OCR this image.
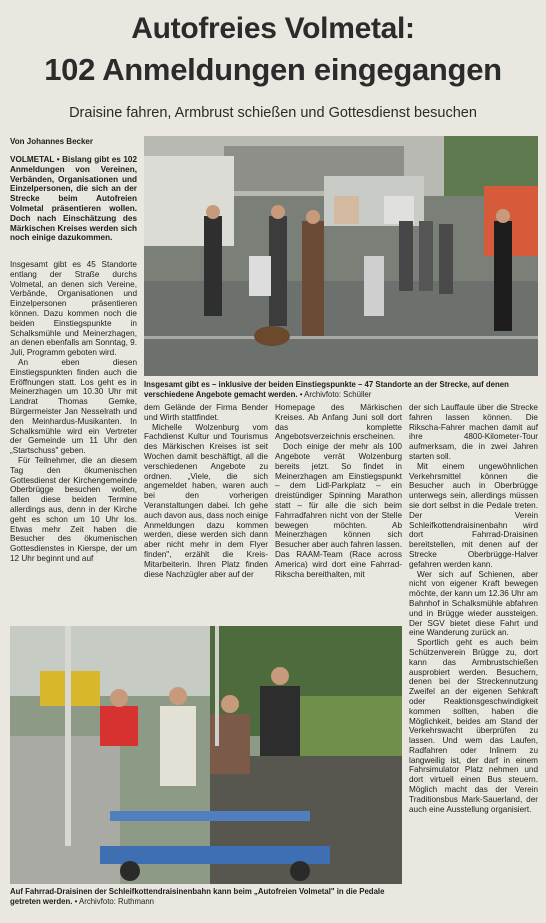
Autofreies Volmetal:
102 Anmeldungen eingegangen
Draisine fahren, Armbrust schießen und Gottesdienst besuchen
Von Johannes Becker

VOLMETAL • Bislang gibt es 102 Anmeldungen von Vereinen, Verbänden, Organisationen und Einzelpersonen, die sich an der Strecke beim Autofreien Volmetal präsentieren wollen. Doch nach Einschätzung des Märkischen Kreises werden sich noch einige dazukommen.

Insgesamt gibt es 45 Standorte entlang der Straße durchs Volmetal, an denen sich Vereine, Verbände, Organisationen und Einzelpersonen präsentieren können. Dazu kommen noch die beiden Einstiegspunkte in Schalksmühle und Meinerzhagen, an denen ebenfalls am Sonntag, 9. Juli, Programm geboten wird.

An eben diesen Einstiegspunkten finden auch die Eröffnungen statt. Los geht es in Meinerzhagen um 10.30 Uhr mit Landrat Thomas Gemke, Bürgermeister Jan Nesselrath und den Meinhardus-Musikanten. In Schalksmühle wird ein Vertreter der Gemeinde um 11 Uhr den „Startschuss" geben.

Für Teilnehmer, die an diesem Tag den ökumenischen Gottesdienst der Kirchengemeinde Oberbrügge besuchen wollen, fallen diese beiden Termine allerdings aus, denn in der Kirche geht es schon um 10 Uhr los. Etwas mehr Zeit haben die Besucher des ökumenischen Gottesdienstes in Kierspe, der um 12 Uhr beginnt und auf

Insgesamt gibt es – inklusive der beiden Einstiegspunkte – 47 Standorte an der Strecke, auf denen verschiedene Angebote gemacht werden. • Archivfoto: Schüller

dem Gelände der Firma Bender und Wirth stattfindet.

Michelle Wolzenburg vom Fachdienst Kultur und Tourismus des Märkischen Kreises ist seit Wochen damit beschäftigt, all die verschiedenen Angebote zu ordnen. „Viele, die sich angemeldet haben, waren auch bei den vorherigen Veranstaltungen dabei. Ich gehe auch davon aus, dass noch einige Anmeldungen dazu kommen werden, diese werden sich dann aber nicht mehr in dem Flyer finden", erzählt die Kreis-Mitarbeiterin. Ihren Platz finden diese Nachzügler aber auf der

Homepage des Märkischen Kreises. Ab Anfang Juni soll dort das komplette Angebotsverzeichnis erscheinen.

Doch einige der mehr als 100 Angebote verrät Wolzenburg bereits jetzt. So findet in Meinerzhagen am Einstiegspunkt – dem Lidl-Parkplatz – ein dreistündiger Spinning Marathon statt – für alle die sich beim Fahrradfahren nicht von der Stelle bewegen möchten. Ab Meinerzhagen können sich Besucher aber auch fahren lassen. Das RAAM-Team (Race across America) wird dort eine Fahrrad-Rikscha bereithalten, mit

der sich Lauffaule über die Strecke fahren lassen können. Die Rikscha-Fahrer machen damit auf ihre 4800-Kilometer-Tour aufmerksam, die in zwei Jahren starten soll.

Mit einem ungewöhnlichen Verkehrsmittel können die Besucher auch in Oberbrügge unterwegs sein, allerdings müssen sie dort selbst in die Pedale treten. Der Verein Schleifkottendraisinenbahn wird dort Fahrrad-Draisinen bereitstellen, mit denen auf der Strecke Oberbrügge-Halver gefahren werden kann.

Wer sich auf Schienen, aber nicht von eigener Kraft bewegen möchte, der kann um 12.36 Uhr am Bahnhof in Schalksmühle abfahren und in Brügge wieder aussteigen. Der SGV bietet diese Fahrt und eine Wanderung zurück an.

Sportlich geht es auch beim Schützenverein Brügge zu, dort kann das Armbrustschießen ausprobiert werden. Besuchern, denen bei der Streckennutzung Zweifel an der eigenen Sehkraft oder Reaktionsgeschwindigkeit kommen sollten, haben die Möglichkeit, beides am Stand der Verkehrswacht überprüfen zu lassen. Und wem das Laufen, Radfahren oder Inlinern zu langweilig ist, der darf in einem Fahrsimulator Platz nehmen und dort virtuell einen Bus steuern. Möglich macht das der Verein Traditionsbus Mark-Sauerland, der auch eine Ausstellung organisiert.

Auf Fahrrad-Draisinen der Schleifkottendraisinenbahn kann beim „Autofreien Volmetal" in die Pedale getreten werden. • Archivfoto: Ruthmann
